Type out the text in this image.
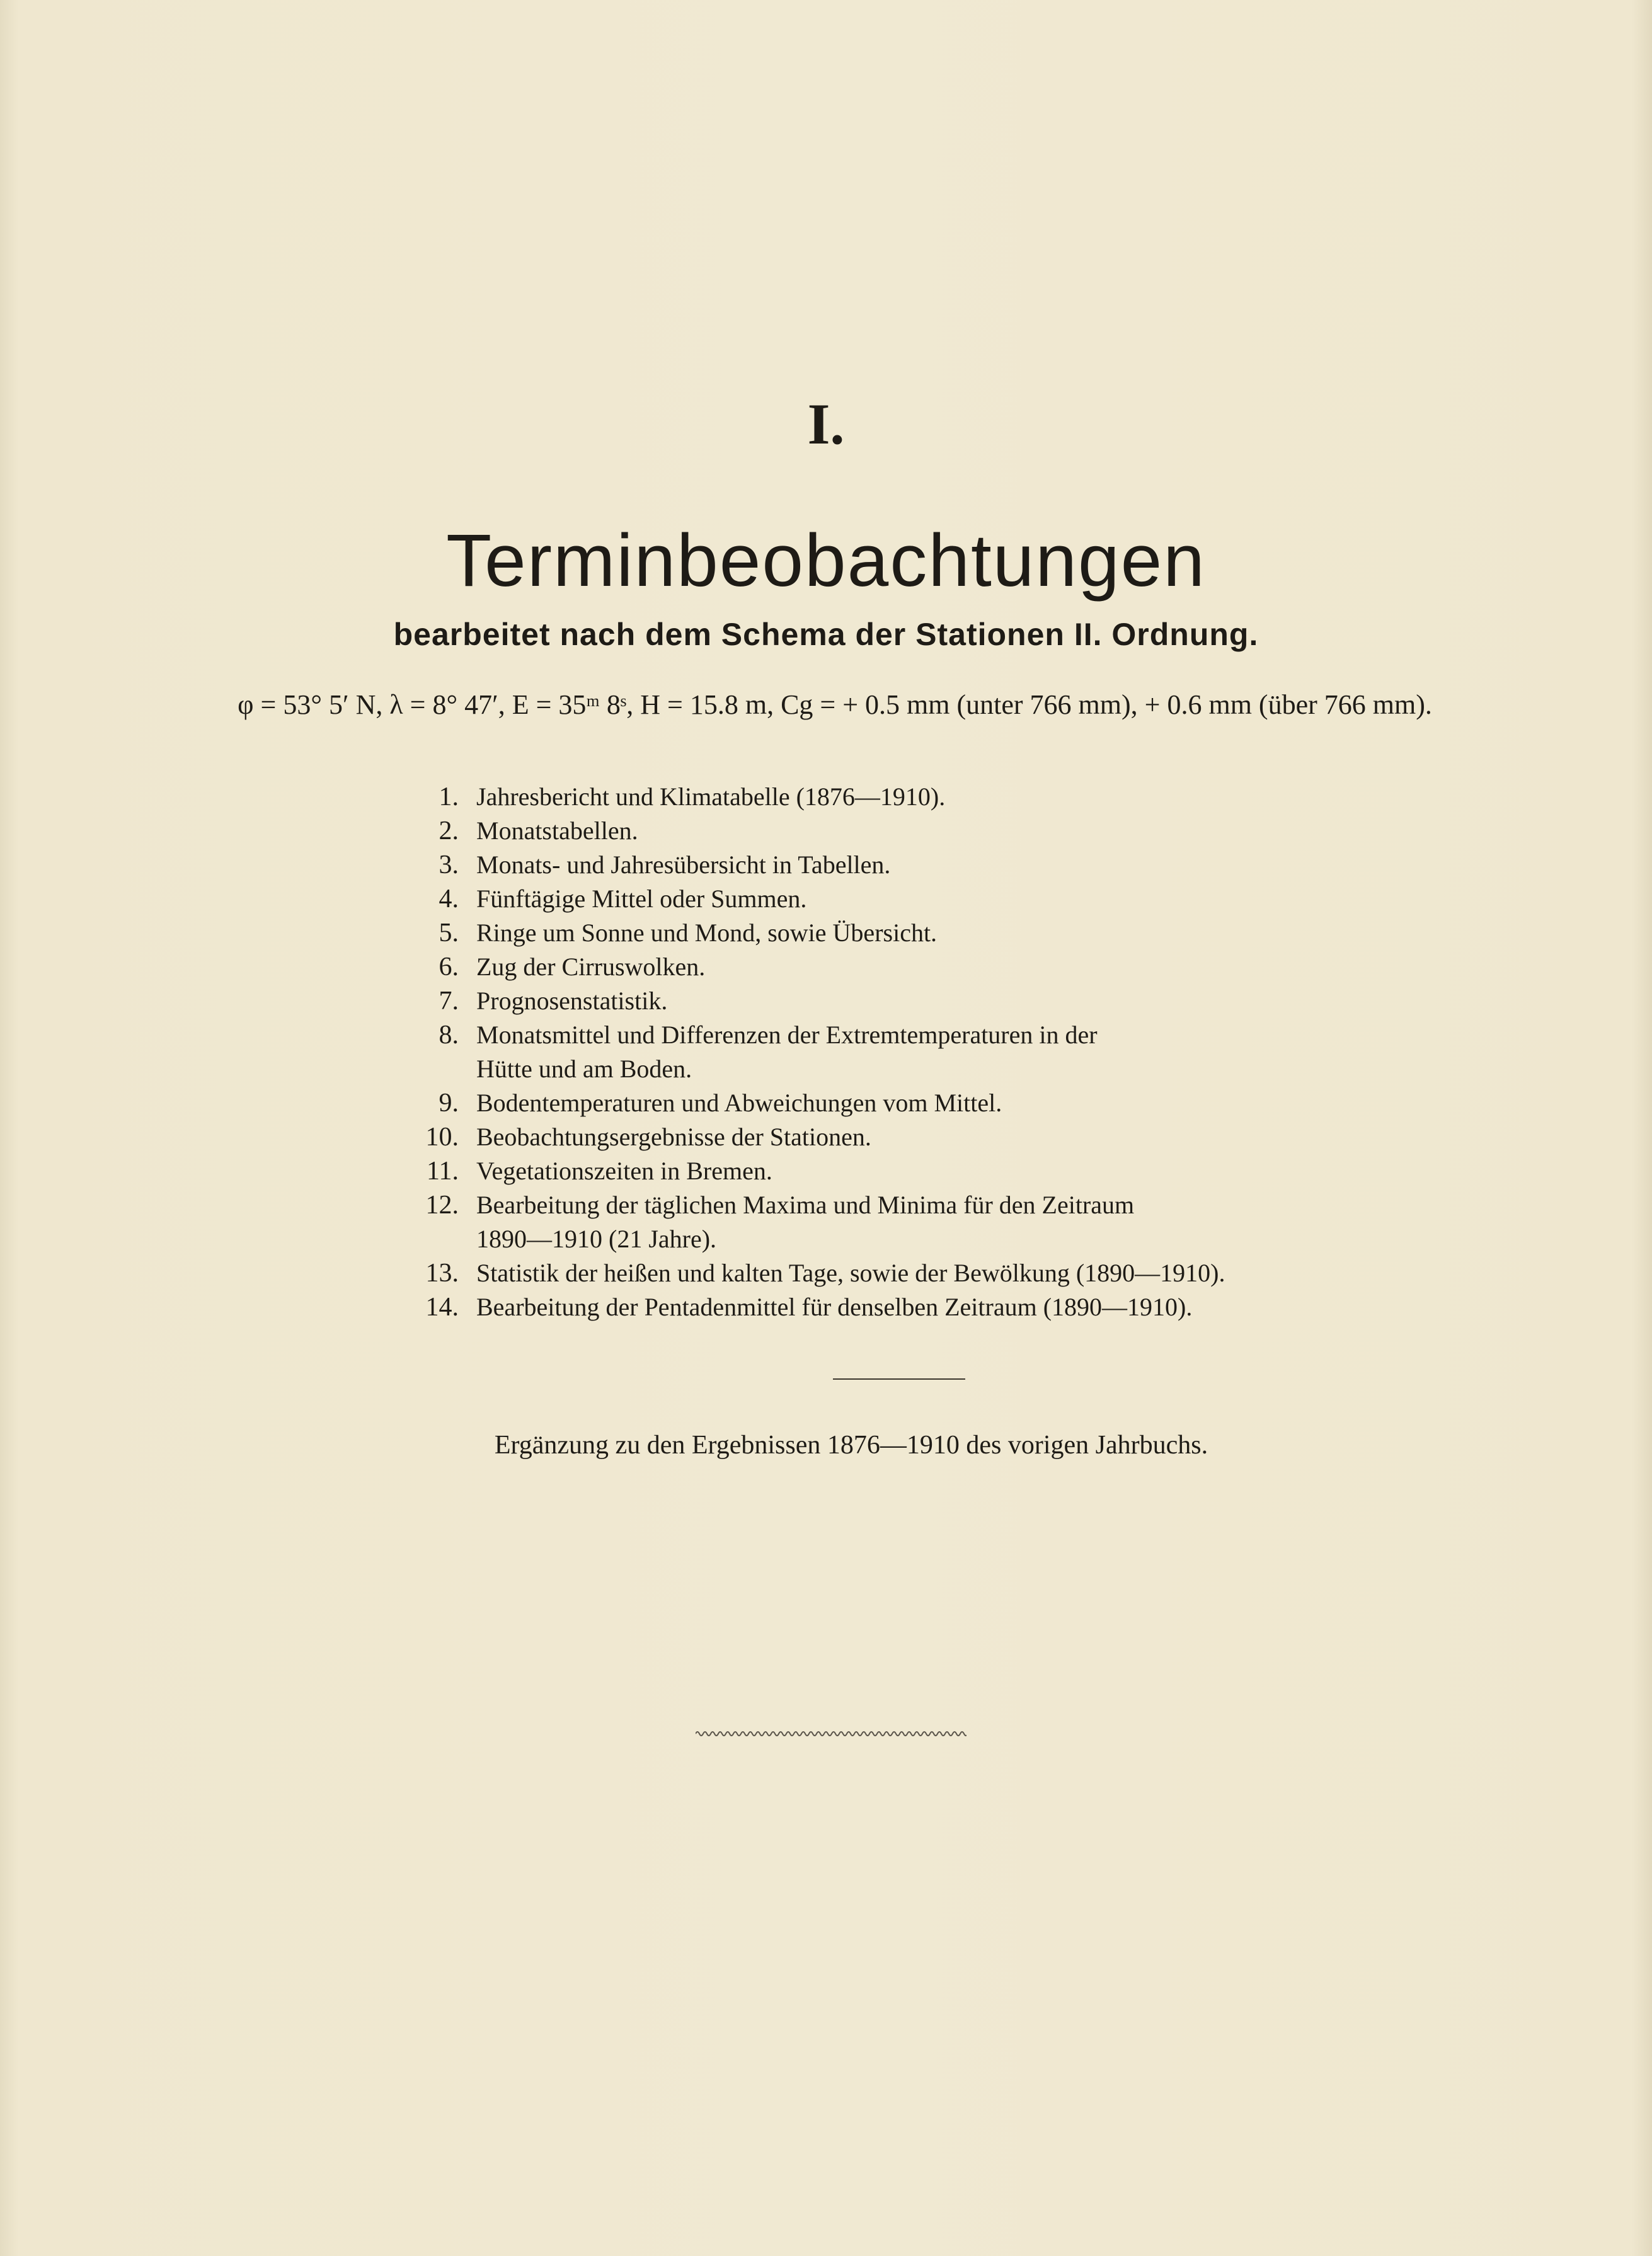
I.
Terminbeobachtungen
bearbeitet nach dem Schema der Stationen II. Ordnung.
φ = 53° 5′ N, λ = 8° 47′, E = 35ᵐ 8ˢ, H = 15.8 m, Cg = + 0.5 mm (unter 766 mm), + 0.6 mm (über 766 mm).
1. Jahresbericht und Klimatabelle (1876—1910).
2. Monatstabellen.
3. Monats- und Jahresübersicht in Tabellen.
4. Fünftägige Mittel oder Summen.
5. Ringe um Sonne und Mond, sowie Übersicht.
6. Zug der Cirruswolken.
7. Prognosenstatistik.
8. Monatsmittel und Differenzen der Extremtemperaturen in der
Hütte und am Boden.
9. Bodentemperaturen und Abweichungen vom Mittel.
10. Beobachtungsergebnisse der Stationen.
11. Vegetationszeiten in Bremen.
12. Bearbeitung der täglichen Maxima und Minima für den Zeitraum
1890—1910 (21 Jahre).
13. Statistik der heißen und kalten Tage, sowie der Bewölkung (1890—1910).
14. Bearbeitung der Pentadenmittel für denselben Zeitraum (1890—1910).
Ergänzung zu den Ergebnissen 1876—1910 des vorigen Jahrbuchs.
